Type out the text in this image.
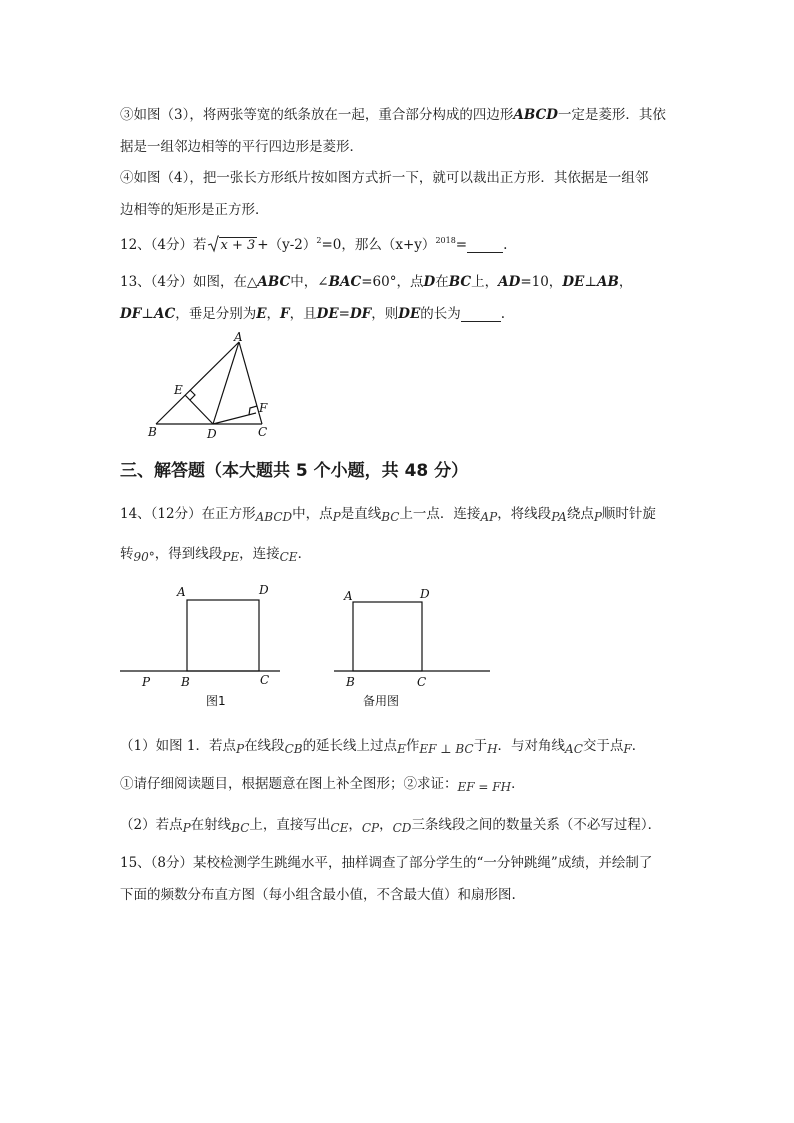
③如图（3），将两张等宽的纸条放在一起，重合部分构成的四边形ABCD一定是菱形．其依
据是一组邻边相等的平行四边形是菱形．
④如图（4），把一张长方形纸片按如图方式折一下，就可以裁出正方形．其依据是一组邻
边相等的矩形是正方形．
12、（4分）若 $x + 3 +(y-2)^2=0$，那么$(x+y)^{2018}=$	.
13、（4分）如图，在△ABC中，∠BAC=60°，点D在BC上，AD=10，DE⊥AB，
DF⊥AC，垂足分别为E，F，且DE=DF，则DE的长为	.
A
B	C
D
E
F
三、解答题（本大题共 5 个小题，共 48 分）
14、（12分）在正方形ABCD中，点P是直线BC上一点．连接AP，将线段PA绕点P顺时针旋
转90°，得到线段PE，连接CE．
A	D
P	B	C
图1
A	D
B	C
备用图
（1）如图 1．若点P在线段CB的延长线上过点E作EF ⊥ BC于H．与对角线AC交于点F．
①请仔细阅读题目，根据题意在图上补全图形；②求证：EF = FH．
（2）若点P在射线BC上，直接写出CE，CP，CD三条线段之间的数量关系（不必写过程）．
15、（8分）某校检测学生跳绳水平，抽样调查了部分学生的“一分钟跳绳”成绩，并绘制了
下面的频数分布直方图（每小组含最小值，不含最大值）和扇形图.
